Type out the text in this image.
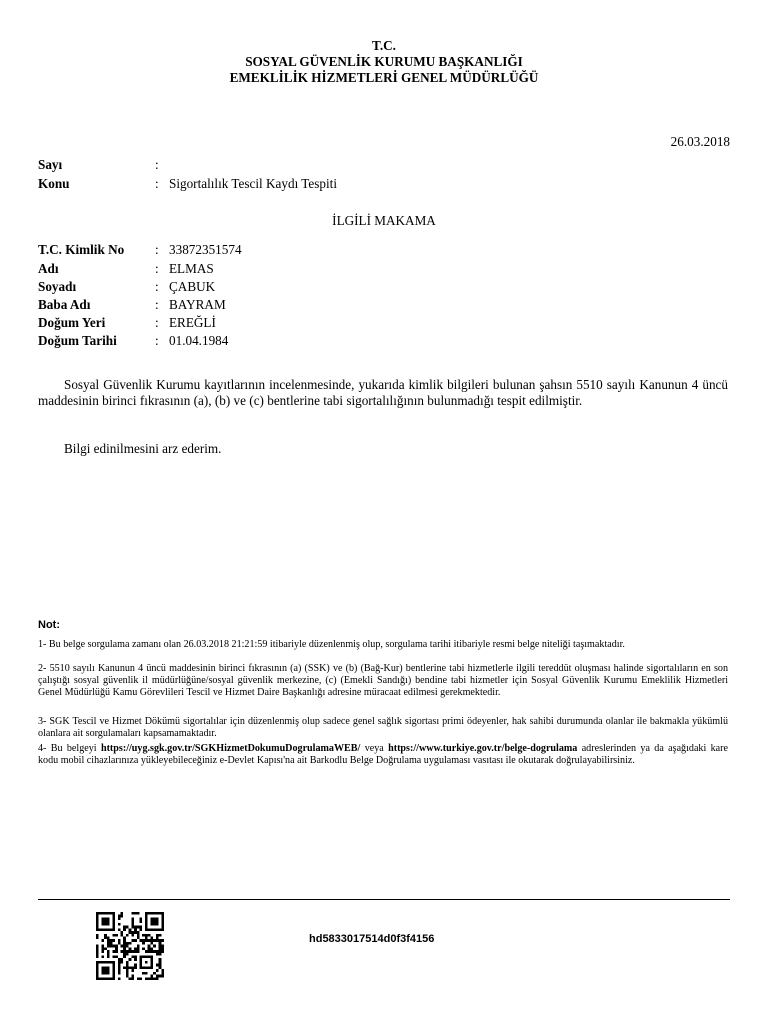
T.C.
SOSYAL GÜVENLİK KURUMU BAŞKANLIĞI
EMEKLİLİK HİZMETLERİ GENEL MÜDÜRLÜĞÜ
26.03.2018
Sayı	:
Konu	: Sigortalılık Tescil Kaydı Tespiti
İLGİLİ MAKAMA
T.C. Kimlik No	: 33872351574
Adı	: ELMAS
Soyadı	: ÇABUK
Baba Adı	: BAYRAM
Doğum Yeri	: EREĞLİ
Doğum Tarihi	: 01.04.1984
Sosyal Güvenlik Kurumu kayıtlarının incelenmesinde, yukarıda kimlik bilgileri bulunan şahsın 5510 sayılı Kanunun 4 üncü maddesinin birinci fıkrasının (a), (b) ve (c) bentlerine tabi sigortalılığının bulunmadığı tespit edilmiştir.
Bilgi edinilmesini arz ederim.
Not:
1- Bu belge sorgulama zamanı olan 26.03.2018 21:21:59 itibariyle düzenlenmiş olup, sorgulama tarihi itibariyle resmi belge niteliği taşımaktadır.
2- 5510 sayılı Kanunun 4 üncü maddesinin birinci fıkrasının (a) (SSK) ve (b) (Bağ-Kur) bentlerine tabi hizmetlerle ilgili tereddüt oluşması halinde sigortalıların en son çalıştığı sosyal güvenlik il müdürlüğüne/sosyal güvenlik merkezine, (c) (Emekli Sandığı) bendine tabi hizmetler için Sosyal Güvenlik Kurumu Emeklilik Hizmetleri Genel Müdürlüğü Kamu Görevlileri Tescil ve Hizmet Daire Başkanlığı adresine müracaat edilmesi gerekmektedir.
3- SGK Tescil ve Hizmet Dökümü sigortalılar için düzenlenmiş olup sadece genel sağlık sigortası primi ödeyenler, hak sahibi durumunda olanlar ile bakmakla yükümlü olanlara ait sorgulamaları kapsamamaktadır.
4- Bu belgeyi https://uyg.sgk.gov.tr/SGKHizmetDokumuDogrulamaWEB/ veya https://www.turkiye.gov.tr/belge-dogrulama adreslerinden ya da aşağıdaki kare kodu mobil cihazlarınıza yükleyebileceğiniz e-Devlet Kapısı'na ait Barkodlu Belge Doğrulama uygulaması vasıtası ile okutarak doğrulayabilirsiniz.
hd5833017514d0f3f4156
